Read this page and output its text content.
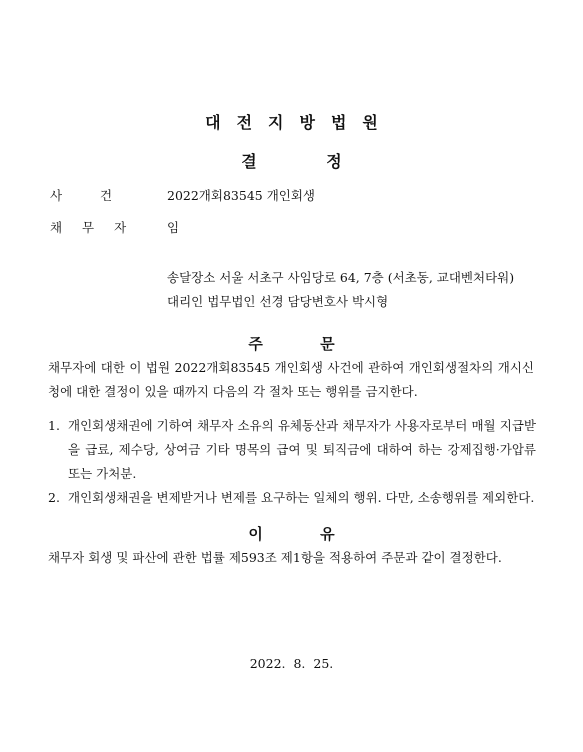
대전지방법원
결 정
사 건	2022개회83545 개인회생
채 무 자	임
송달장소 서울 서초구 사임당로 64, 7층 (서초동, 교대벤처타워)
대리인 법무법인 선경 담당변호사 박시형
주 문
채무자에 대한 이 법원 2022개회83545 개인회생 사건에 관하여 개인회생절차의 개시신청에 대한 결정이 있을 때까지 다음의 각 절차 또는 행위를 금지한다.
1. 개인회생채권에 기하여 채무자 소유의 유체동산과 채무자가 사용자로부터 매월 지급받을 급료, 제수당, 상여금 기타 명목의 급여 및 퇴직금에 대하여 하는 강제집행·가압류 또는 가처분.
2. 개인회생채권을 변제받거나 변제를 요구하는 일체의 행위. 다만, 소송행위를 제외한다.
이 유
채무자 회생 및 파산에 관한 법률 제593조 제1항을 적용하여 주문과 같이 결정한다.
2022. 8. 25.
